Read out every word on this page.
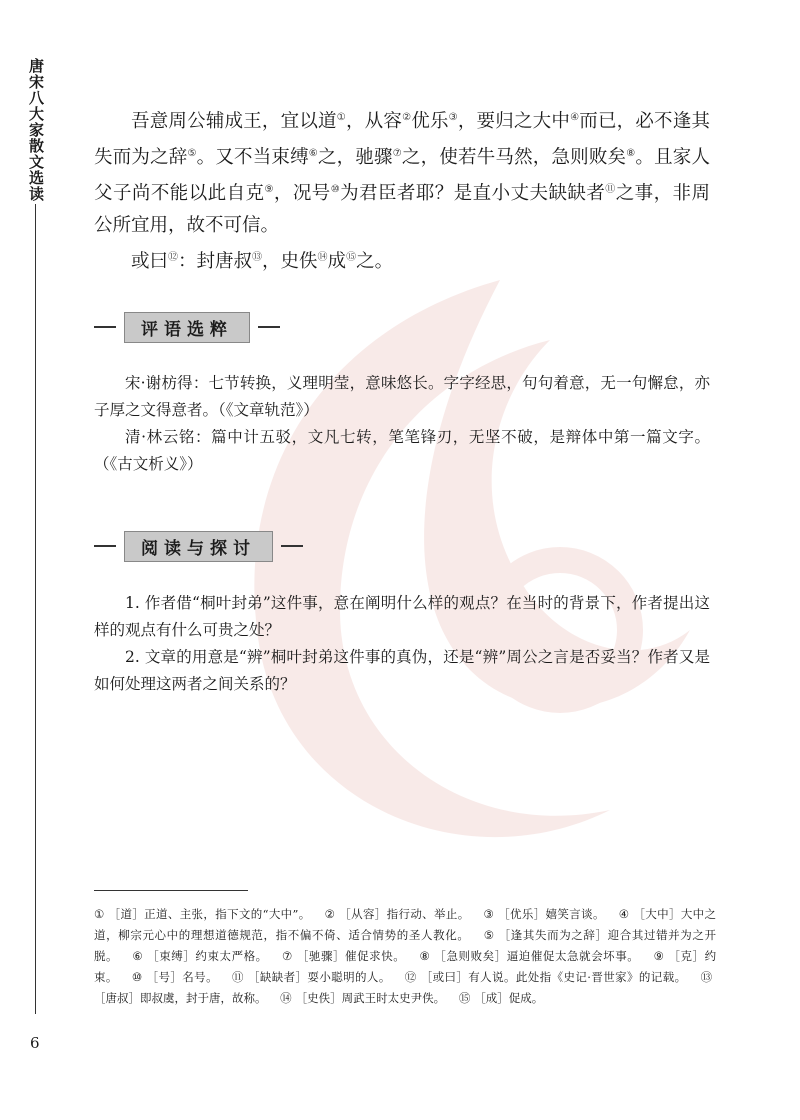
唐宋八大家散文选读
6

吾意周公辅成王，宜以道①，从容②优乐③，要归之大中④而已，必不逢其失而为之辞⑤。又不当束缚⑥之，驰骤⑦之，使若牛马然，急则败矣⑧。且家人父子尚不能以此自克⑨，况号⑩为君臣者耶？是直小丈夫缺缺者⑪之事，非周公所宜用，故不可信。

或曰⑫：封唐叔⑬，史佚⑭成⑮之。

评语选粹

宋·谢枋得：七节转换，义理明莹，意味悠长。字字经思，句句着意，无一句懈怠，亦子厚之文得意者。（《文章轨范》）

清·林云铭：篇中计五驳，文凡七转，笔笔锋刃，无坚不破，是辩体中第一篇文字。（《古文析义》）

阅读与探讨

1. 作者借“桐叶封弟”这件事，意在阐明什么样的观点？在当时的背景下，作者提出这样的观点有什么可贵之处？

2. 文章的用意是“辨”桐叶封弟这件事的真伪，还是“辨”周公之言是否妥当？作者又是如何处理这两者之间关系的？

① ［道］正道、主张，指下文的“大中”。 ② ［从容］指行动、举止。 ③ ［优乐］嬉笑言谈。 ④ ［大中］大中之道，柳宗元心中的理想道德规范，指不偏不倚、适合情势的圣人教化。 ⑤ ［逢其失而为之辞］迎合其过错并为之开脱。 ⑥ ［束缚］约束太严格。 ⑦ ［驰骤］催促求快。 ⑧ ［急则败矣］逼迫催促太急就会坏事。 ⑨ ［克］约束。 ⑩ ［号］名号。 ⑪ ［缺缺者］耍小聪明的人。 ⑫ ［或曰］有人说。此处指《史记·晋世家》的记载。 ⑬［唐叔］即叔虞，封于唐，故称。 ⑭ ［史佚］周武王时太史尹佚。 ⑮ ［成］促成。
